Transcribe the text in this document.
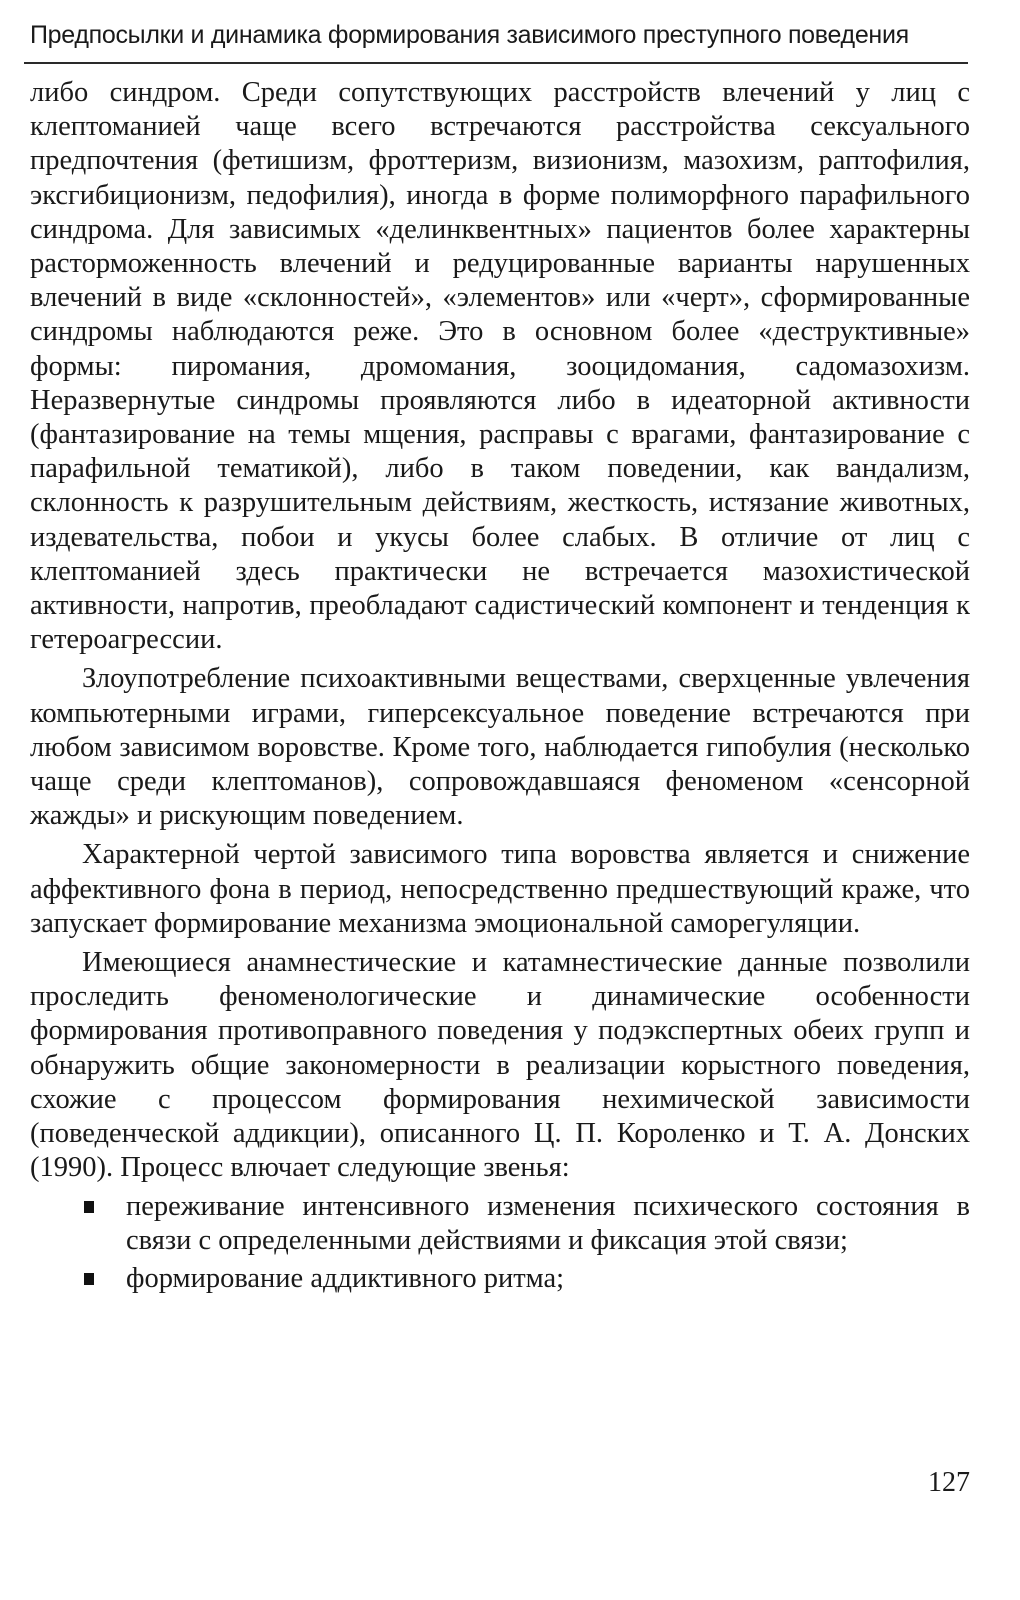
Предпосылки и динамика формирования зависимого преступного поведения

либо синдром. Среди сопутствующих расстройств влечений у лиц с клептоманией чаще всего встречаются расстройства сексуального предпочтения (фетишизм, фроттеризм, визионизм, мазохизм, раптофилия, эксгибиционизм, педофилия), иногда в форме полиморфного парафильного синдрома. Для зависимых «делинквентных» пациентов более характерны расторможенность влечений и редуцированные варианты нарушенных влечений в виде «склонностей», «элементов» или «черт», сформированные синдромы наблюдаются реже. Это в основном более «деструктивные» формы: пиромания, дромомания, зооцидомания, садомазохизм. Неразвернутые синдромы проявляются либо в идеаторной активности (фантазирование на темы мщения, расправы с врагами, фантазирование с парафильной тематикой), либо в таком поведении, как вандализм, склонность к разрушительным действиям, жесткость, истязание животных, издевательства, побои и укусы более слабых. В отличие от лиц с клептоманией здесь практически не встречается мазохистической активности, напротив, преобладают садистический компонент и тенденция к гетероагрессии.

Злоупотребление психоактивными веществами, сверхценные увлечения компьютерными играми, гиперсексуальное поведение встречаются при любом зависимом воровстве. Кроме того, наблюдается гипобулия (несколько чаще среди клептоманов), сопровождавшаяся феноменом «сенсорной жажды» и рискующим поведением.

Характерной чертой зависимого типа воровства является и снижение аффективного фона в период, непосредственно предшествующий краже, что запускает формирование механизма эмоциональной саморегуляции.

Имеющиеся анамнестические и катамнестические данные позволили проследить феноменологические и динамические особенности формирования противоправного поведения у подэкспертных обеих групп и обнаружить общие закономерности в реализации корыстного поведения, схожие с процессом формирования нехимической зависимости (поведенческой аддикции), описанного Ц. П. Короленко и Т. А. Донских (1990). Процесс влючает следующие звенья:

переживание интенсивного изменения психического состояния в связи с определенными действиями и фиксация этой связи;
формирование аддиктивного ритма;
127
